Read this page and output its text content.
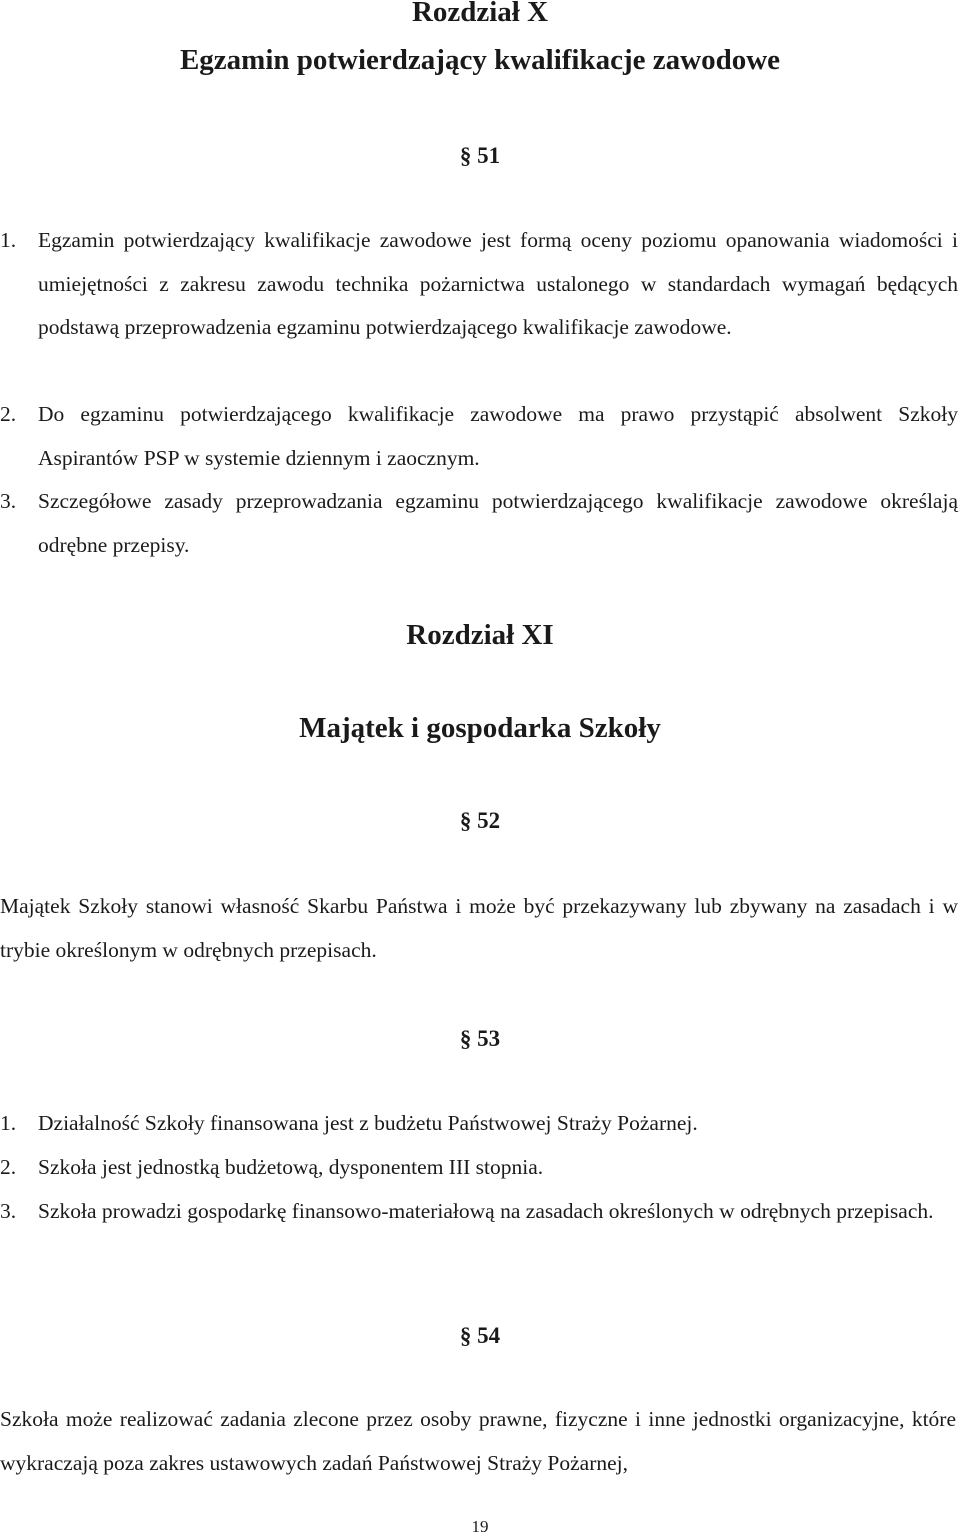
Rozdział X
Egzamin potwierdzający kwalifikacje zawodowe
§ 51
1.	Egzamin potwierdzający kwalifikacje zawodowe jest formą oceny poziomu opanowania wiadomości i umiejętności z zakresu zawodu technika pożarnictwa ustalonego w standardach wymagań będących podstawą przeprowadzenia egzaminu potwierdzającego kwalifikacje zawodowe.
2.	Do egzaminu potwierdzającego kwalifikacje zawodowe ma prawo przystąpić absolwent Szkoły Aspirantów PSP w systemie dziennym i zaocznym.
3.	Szczegółowe zasady przeprowadzania egzaminu potwierdzającego kwalifikacje zawodowe określają odrębne przepisy.
Rozdział XI
Majątek i gospodarka Szkoły
§ 52

Majątek Szkoły stanowi własność Skarbu Państwa i może być przekazywany lub zbywany na zasadach i w trybie określonym w odrębnych przepisach.

§ 53
1.	Działalność Szkoły finansowana jest z budżetu Państwowej Straży Pożarnej.
2.	Szkoła jest jednostką budżetową, dysponentem III stopnia.
3.	Szkoła prowadzi gospodarkę finansowo-materiałową na zasadach określonych w odrębnych przepisach.
§ 54

Szkoła może realizować zadania zlecone przez osoby prawne, fizyczne i inne jednostki organizacyjne, które wykraczają poza zakres ustawowych zadań Państwowej Straży Pożarnej,

19
